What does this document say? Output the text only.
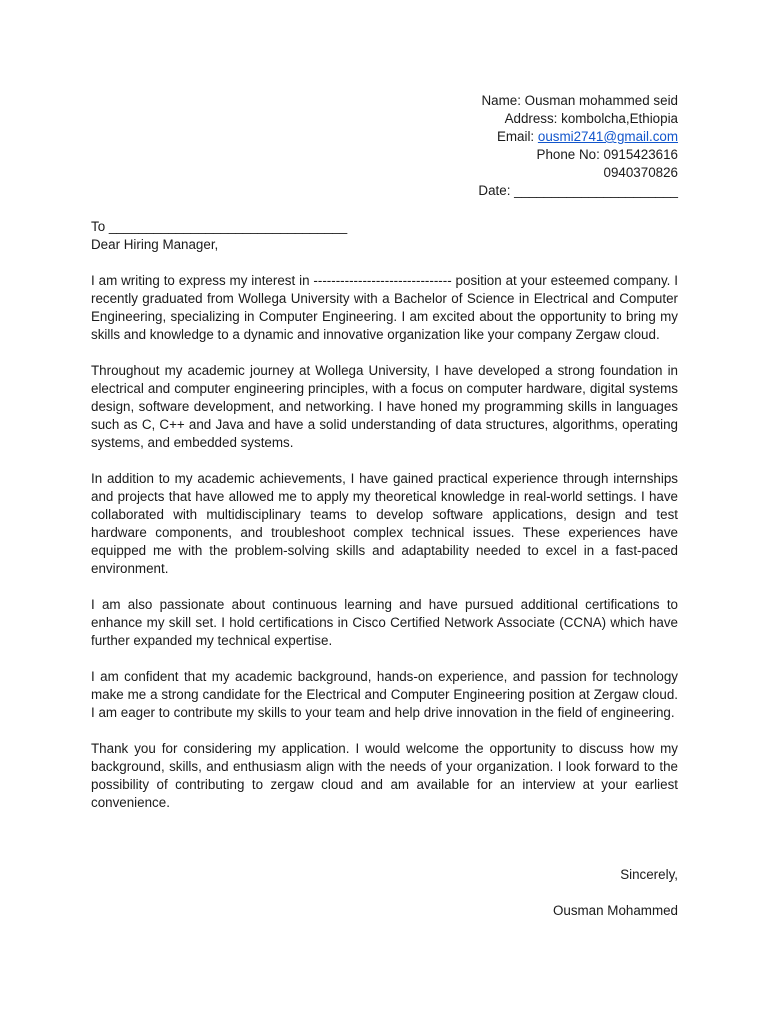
Name: Ousman mohammed seid
Address: kombolcha,Ethiopia
Email: ousmi2741@gmail.com
Phone No: 0915423616
0940370826
Date: ______________________

To ________________________________

Dear Hiring Manager,

I am writing to express my interest in ------------------------------- position at your esteemed company. I recently graduated from Wollega University with a Bachelor of Science in Electrical and Computer Engineering, specializing in Computer Engineering. I am excited about the opportunity to bring my skills and knowledge to a dynamic and innovative organization like your company Zergaw cloud.

Throughout my academic journey at Wollega University, I have developed a strong foundation in electrical and computer engineering principles, with a focus on computer hardware, digital systems design, software development, and networking. I have honed my programming skills in languages such as C, C++ and Java and have a solid understanding of data structures, algorithms, operating systems, and embedded systems.

In addition to my academic achievements, I have gained practical experience through internships and projects that have allowed me to apply my theoretical knowledge in real-world settings. I have collaborated with multidisciplinary teams to develop software applications, design and test hardware components, and troubleshoot complex technical issues. These experiences have equipped me with the problem-solving skills and adaptability needed to excel in a fast-paced environment.

I am also passionate about continuous learning and have pursued additional certifications to enhance my skill set. I hold certifications in Cisco Certified Network Associate (CCNA) which have further expanded my technical expertise.

I am confident that my academic background, hands-on experience, and passion for technology make me a strong candidate for the Electrical and Computer Engineering position at Zergaw cloud. I am eager to contribute my skills to your team and help drive innovation in the field of engineering.

Thank you for considering my application. I would welcome the opportunity to discuss how my background, skills, and enthusiasm align with the needs of your organization. I look forward to the possibility of contributing to zergaw cloud and am available for an interview at your earliest convenience.

Sincerely,
Ousman Mohammed
